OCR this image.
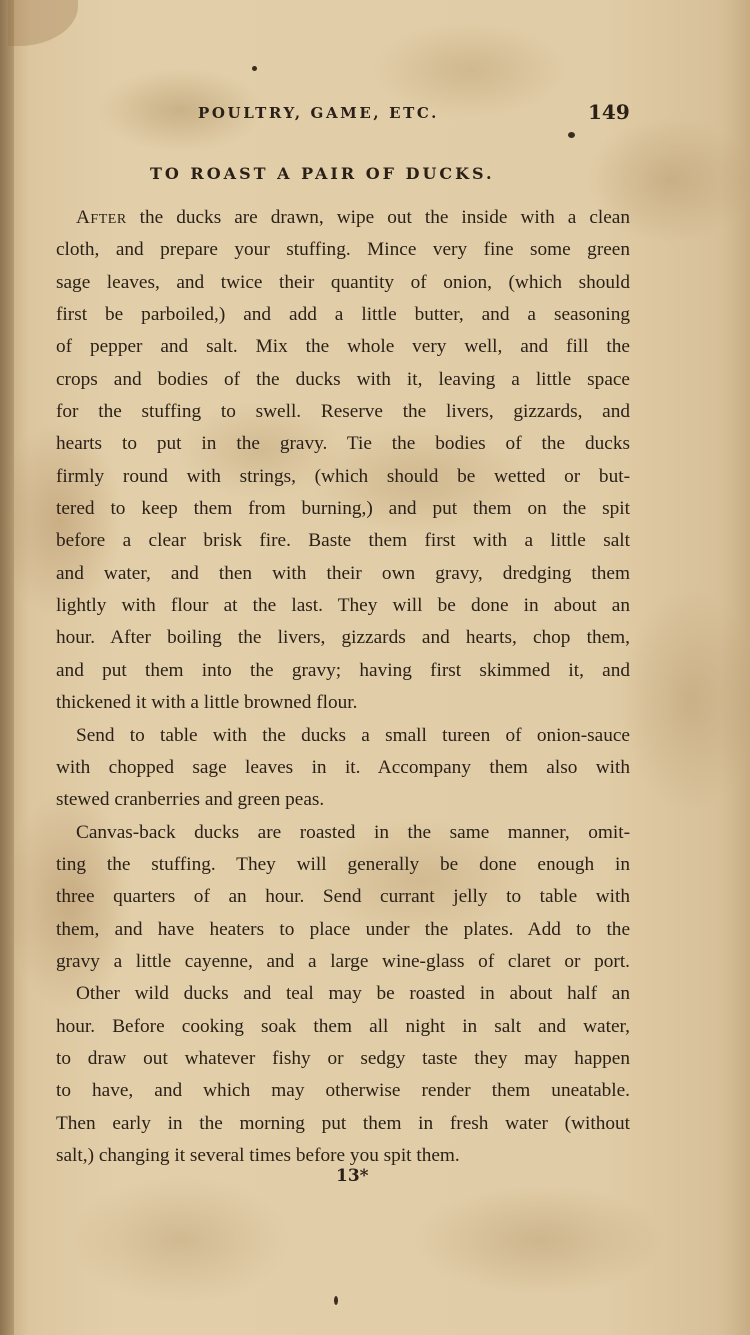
POULTRY, GAME, ETC.	149
TO ROAST A PAIR OF DUCKS.
After the ducks are drawn, wipe out the inside with a clean
cloth, and prepare your stuffing. Mince very fine some green
sage leaves, and twice their quantity of onion, (which should
first be parboiled,) and add a little butter, and a seasoning
of pepper and salt. Mix the whole very well, and fill the
crops and bodies of the ducks with it, leaving a little space
for the stuffing to swell. Reserve the livers, gizzards, and
hearts to put in the gravy. Tie the bodies of the ducks
firmly round with strings, (which should be wetted or but-
tered to keep them from burning,) and put them on the spit
before a clear brisk fire. Baste them first with a little salt
and water, and then with their own gravy, dredging them
lightly with flour at the last. They will be done in about an
hour. After boiling the livers, gizzards and hearts, chop them,
and put them into the gravy; having first skimmed it, and
thickened it with a little browned flour.
Send to table with the ducks a small tureen of onion-sauce
with chopped sage leaves in it. Accompany them also with
stewed cranberries and green peas.
Canvas-back ducks are roasted in the same manner, omit-
ting the stuffing. They will generally be done enough in
three quarters of an hour. Send currant jelly to table with
them, and have heaters to place under the plates. Add to the
gravy a little cayenne, and a large wine-glass of claret or port.
Other wild ducks and teal may be roasted in about half an
hour. Before cooking soak them all night in salt and water,
to draw out whatever fishy or sedgy taste they may happen
to have, and which may otherwise render them uneatable.
Then early in the morning put them in fresh water (without
salt,) changing it several times before you spit them.
13*
